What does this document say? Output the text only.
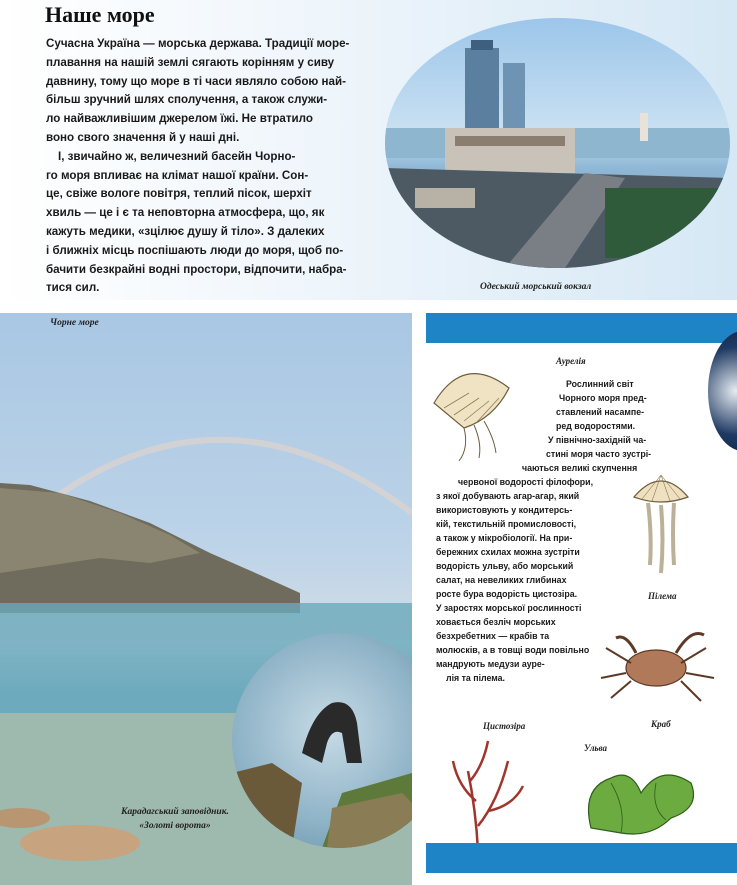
Наше море

Сучасна Україна — морська держава. Традиції море-

плавання на нашій землі сягають корінням у сиву

давнину, тому що море в ті часи являло собою най-

більш зручний шлях сполучення, а також служи-

ло найважливішим джерелом їжі. Не втратило

воно свого значення й у наші дні.

І, звичайно ж, величезний басейн Чорно-

го моря впливає на клімат нашої країни. Сон-

це, свіже вологе повітря, теплий пісок, шерхіт

хвиль — це і є та неповторна атмосфера, що, як

кажуть медики, «зцілює душу й тіло». З далеких

і ближніх місць поспішають люди до моря, щоб по-

бачити безкрайні водні простори, відпочити, набра-

тися сил.	Одеський морський вокзал
Чорне море
Карадагський заповідник.
«Золоті ворота»
Аурелія
Пілема
Краб
Цистозіра
Ульва
Рослинний світ
Чорного моря пред-
ставлений насампе-
ред водоростями.
У північно-західній ча-
стині моря часто зустрі-
чаються великі скупчення
червоної водорості філофори,
з якої добувають агар-агар, який
використовують у кондитерсь-
кій, текстильній промисловості,
а також у мікробіології. На при-
бережних схилах можна зустріти
водорість ульву, або морський
салат, на невеликих глибинах
росте бура водорість цистозіра.
У заростях морської рослинності
ховається безліч морських
безхребетних — крабів та
молюсків, а в товщі води повільно
мандрують медузи аурe-
лія та пілема.
